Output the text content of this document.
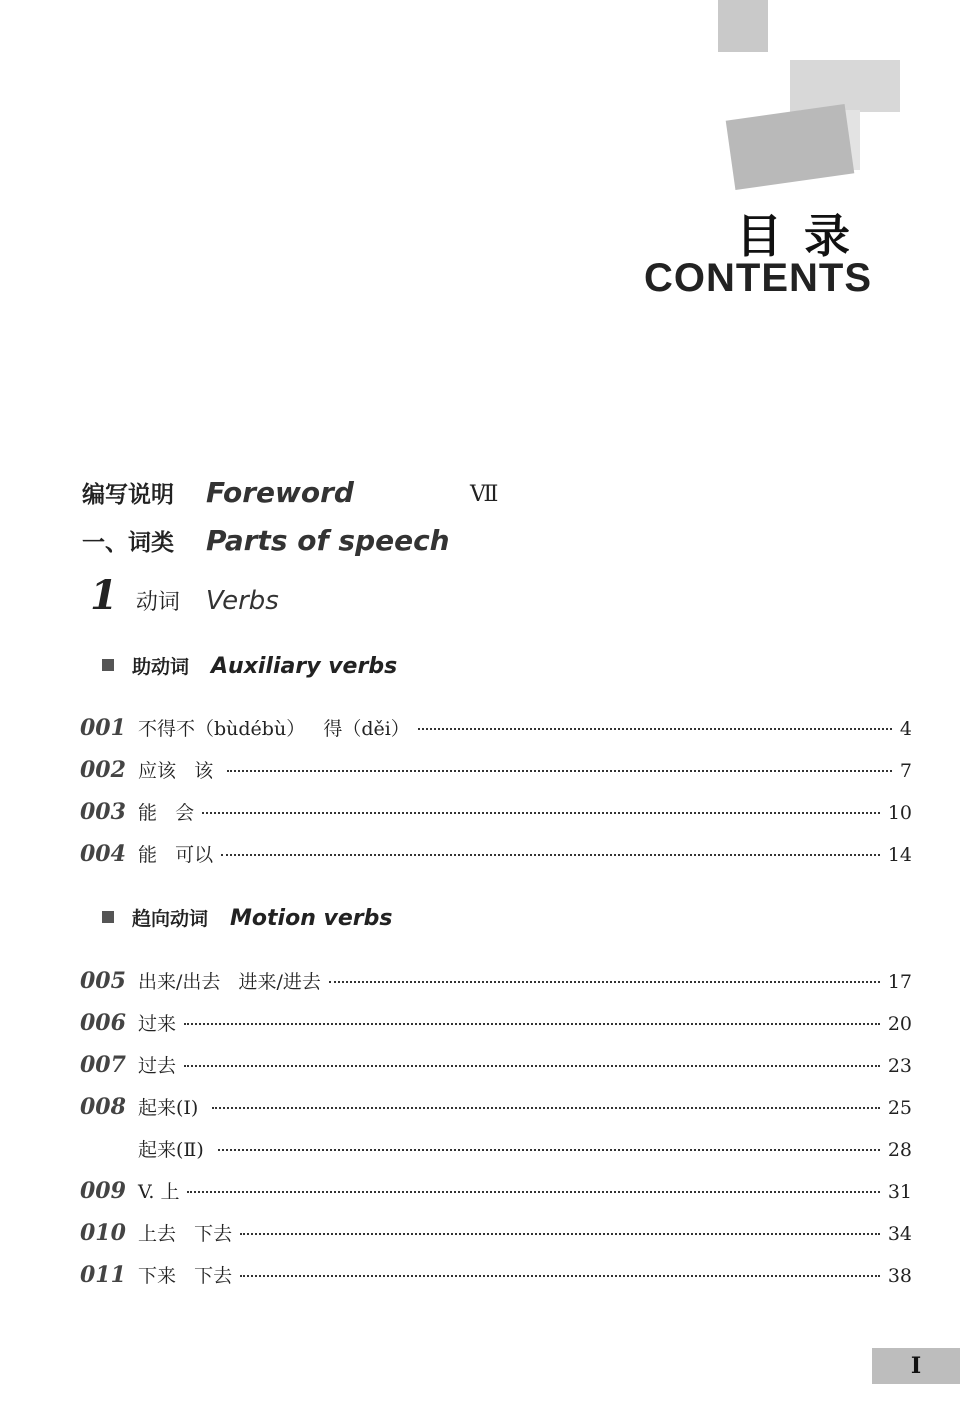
目录
CONTENTS
编写说明 Foreword	Ⅶ
一、词类 Parts of speech
1 动词 Verbs
助动词 Auxiliary verbs
001 不得不（bùdébù）   得（děi）	4
002 应该   该	7
003 能   会	10
004 能   可以	14
趋向动词 Motion verbs
005 出来/出去   进来/进去	17
006 过来	20
007 过去	23
008 起来(Ⅰ)	25
起来(Ⅱ)	28
009 V. 上	31
010 上去   下去	34
011 下来   下去	38
Ⅰ
